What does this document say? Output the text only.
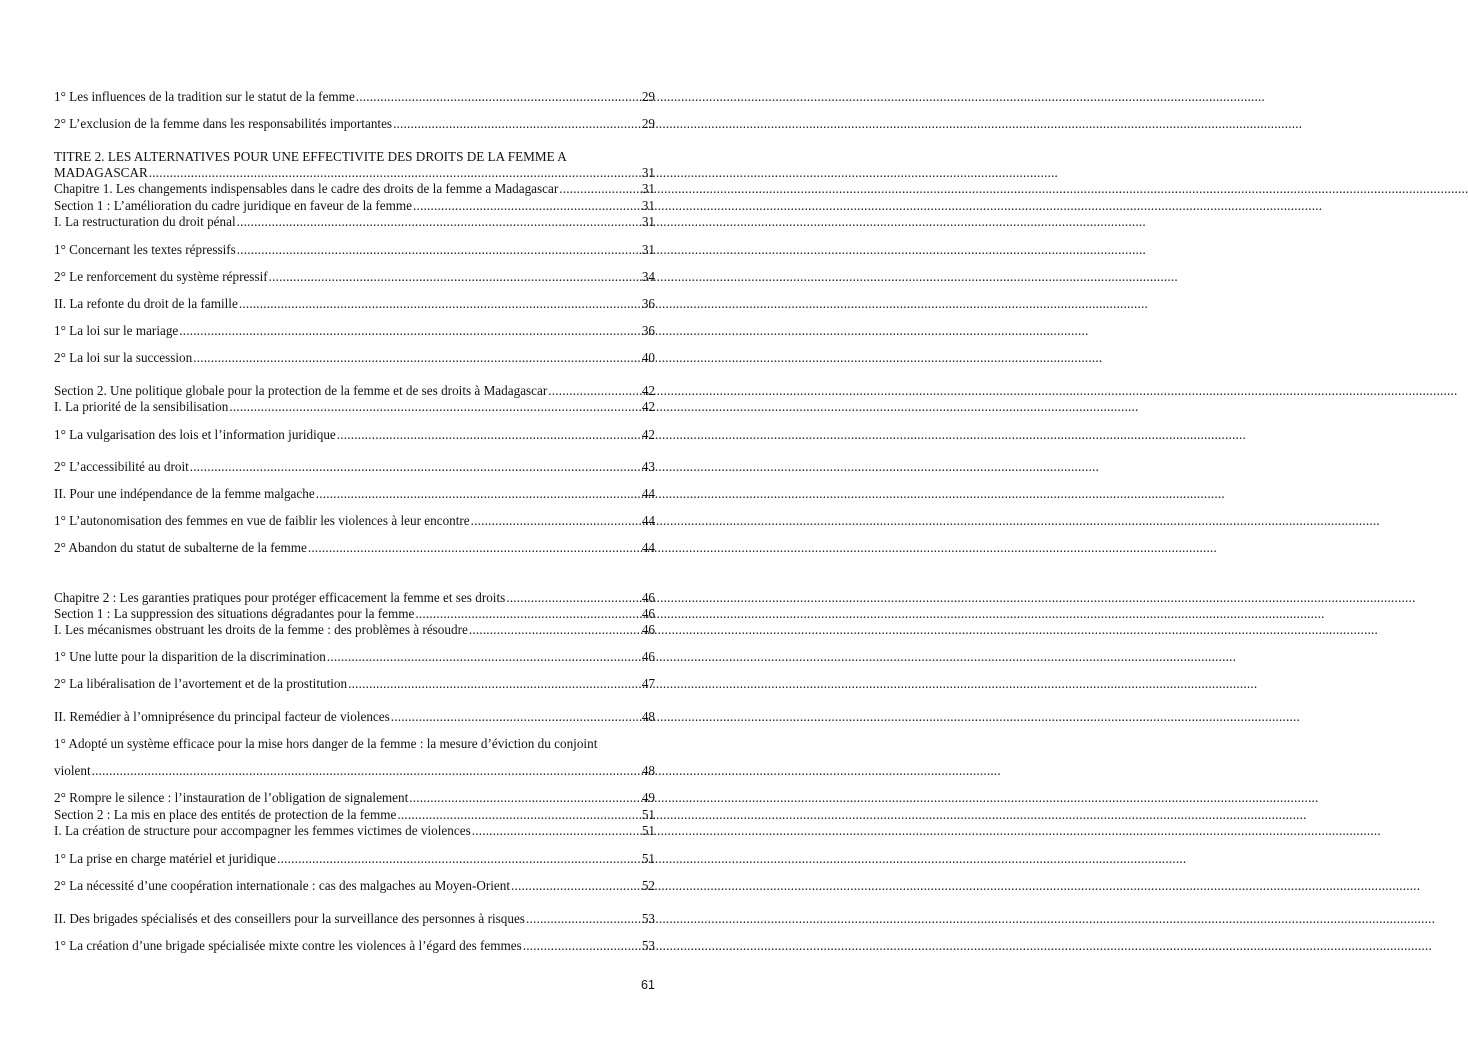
1° Les influences de la tradition sur le statut de la femme .....	29
2° L’exclusion de la femme dans les responsabilités importantes .....	29
TITRE 2. LES ALTERNATIVES POUR UNE EFFECTIVITE DES DROITS DE LA FEMME A
MADAGASCAR .....	31
Chapitre 1. Les changements indispensables dans le cadre des droits de la femme a Madagascar .....	31
Section 1 : L’amélioration du cadre juridique en faveur de la femme .....	31
I. La restructuration du droit pénal .....	31
1° Concernant les textes répressifs .....	31
2° Le renforcement du système répressif .....	34
II. La refonte du droit de la famille .....	36
1° La loi sur le mariage .....	36
2° La loi sur la succession .....	40
Section 2. Une politique globale pour la protection de la femme et de ses droits à Madagascar .....	42
I. La priorité de la sensibilisation .....	42
1° La vulgarisation des lois et l’information juridique .....	42
2° L’accessibilité au droit .....	43
II. Pour une indépendance de la femme malgache .....	44
1° L’autonomisation des femmes en vue de faiblir les violences à leur encontre .....	44
2° Abandon du statut de subalterne de la femme .....	44
Chapitre 2 : Les garanties pratiques pour protéger efficacement la femme et ses droits .....	46
Section 1 : La suppression des situations dégradantes pour la femme .....	46
I. Les mécanismes obstruant les droits de la femme : des problèmes à résoudre .....	46
1° Une lutte pour la disparition de la discrimination .....	46
2° La libéralisation de l’avortement et de la prostitution .....	47
II. Remédier à l’omniprésence du principal facteur de violences .....	48
1° Adopté un système efficace pour la mise hors danger de la femme : la mesure d’éviction du conjoint
violent .....	48
2° Rompre le silence : l’instauration de l’obligation de signalement .....	49
Section 2 : La mis en place des entités de protection de la femme .....	51
I. La création de structure pour accompagner les femmes victimes de violences .....	51
1° La prise en charge matériel et juridique .....	51
2° La nécessité d’une coopération internationale : cas des malgaches au Moyen-Orient .....	52
II. Des brigades spécialisés et des conseillers pour la surveillance des personnes à risques .....	53
1° La création d’une brigade spécialisée mixte contre les violences à l’égard des femmes .....	53
61
